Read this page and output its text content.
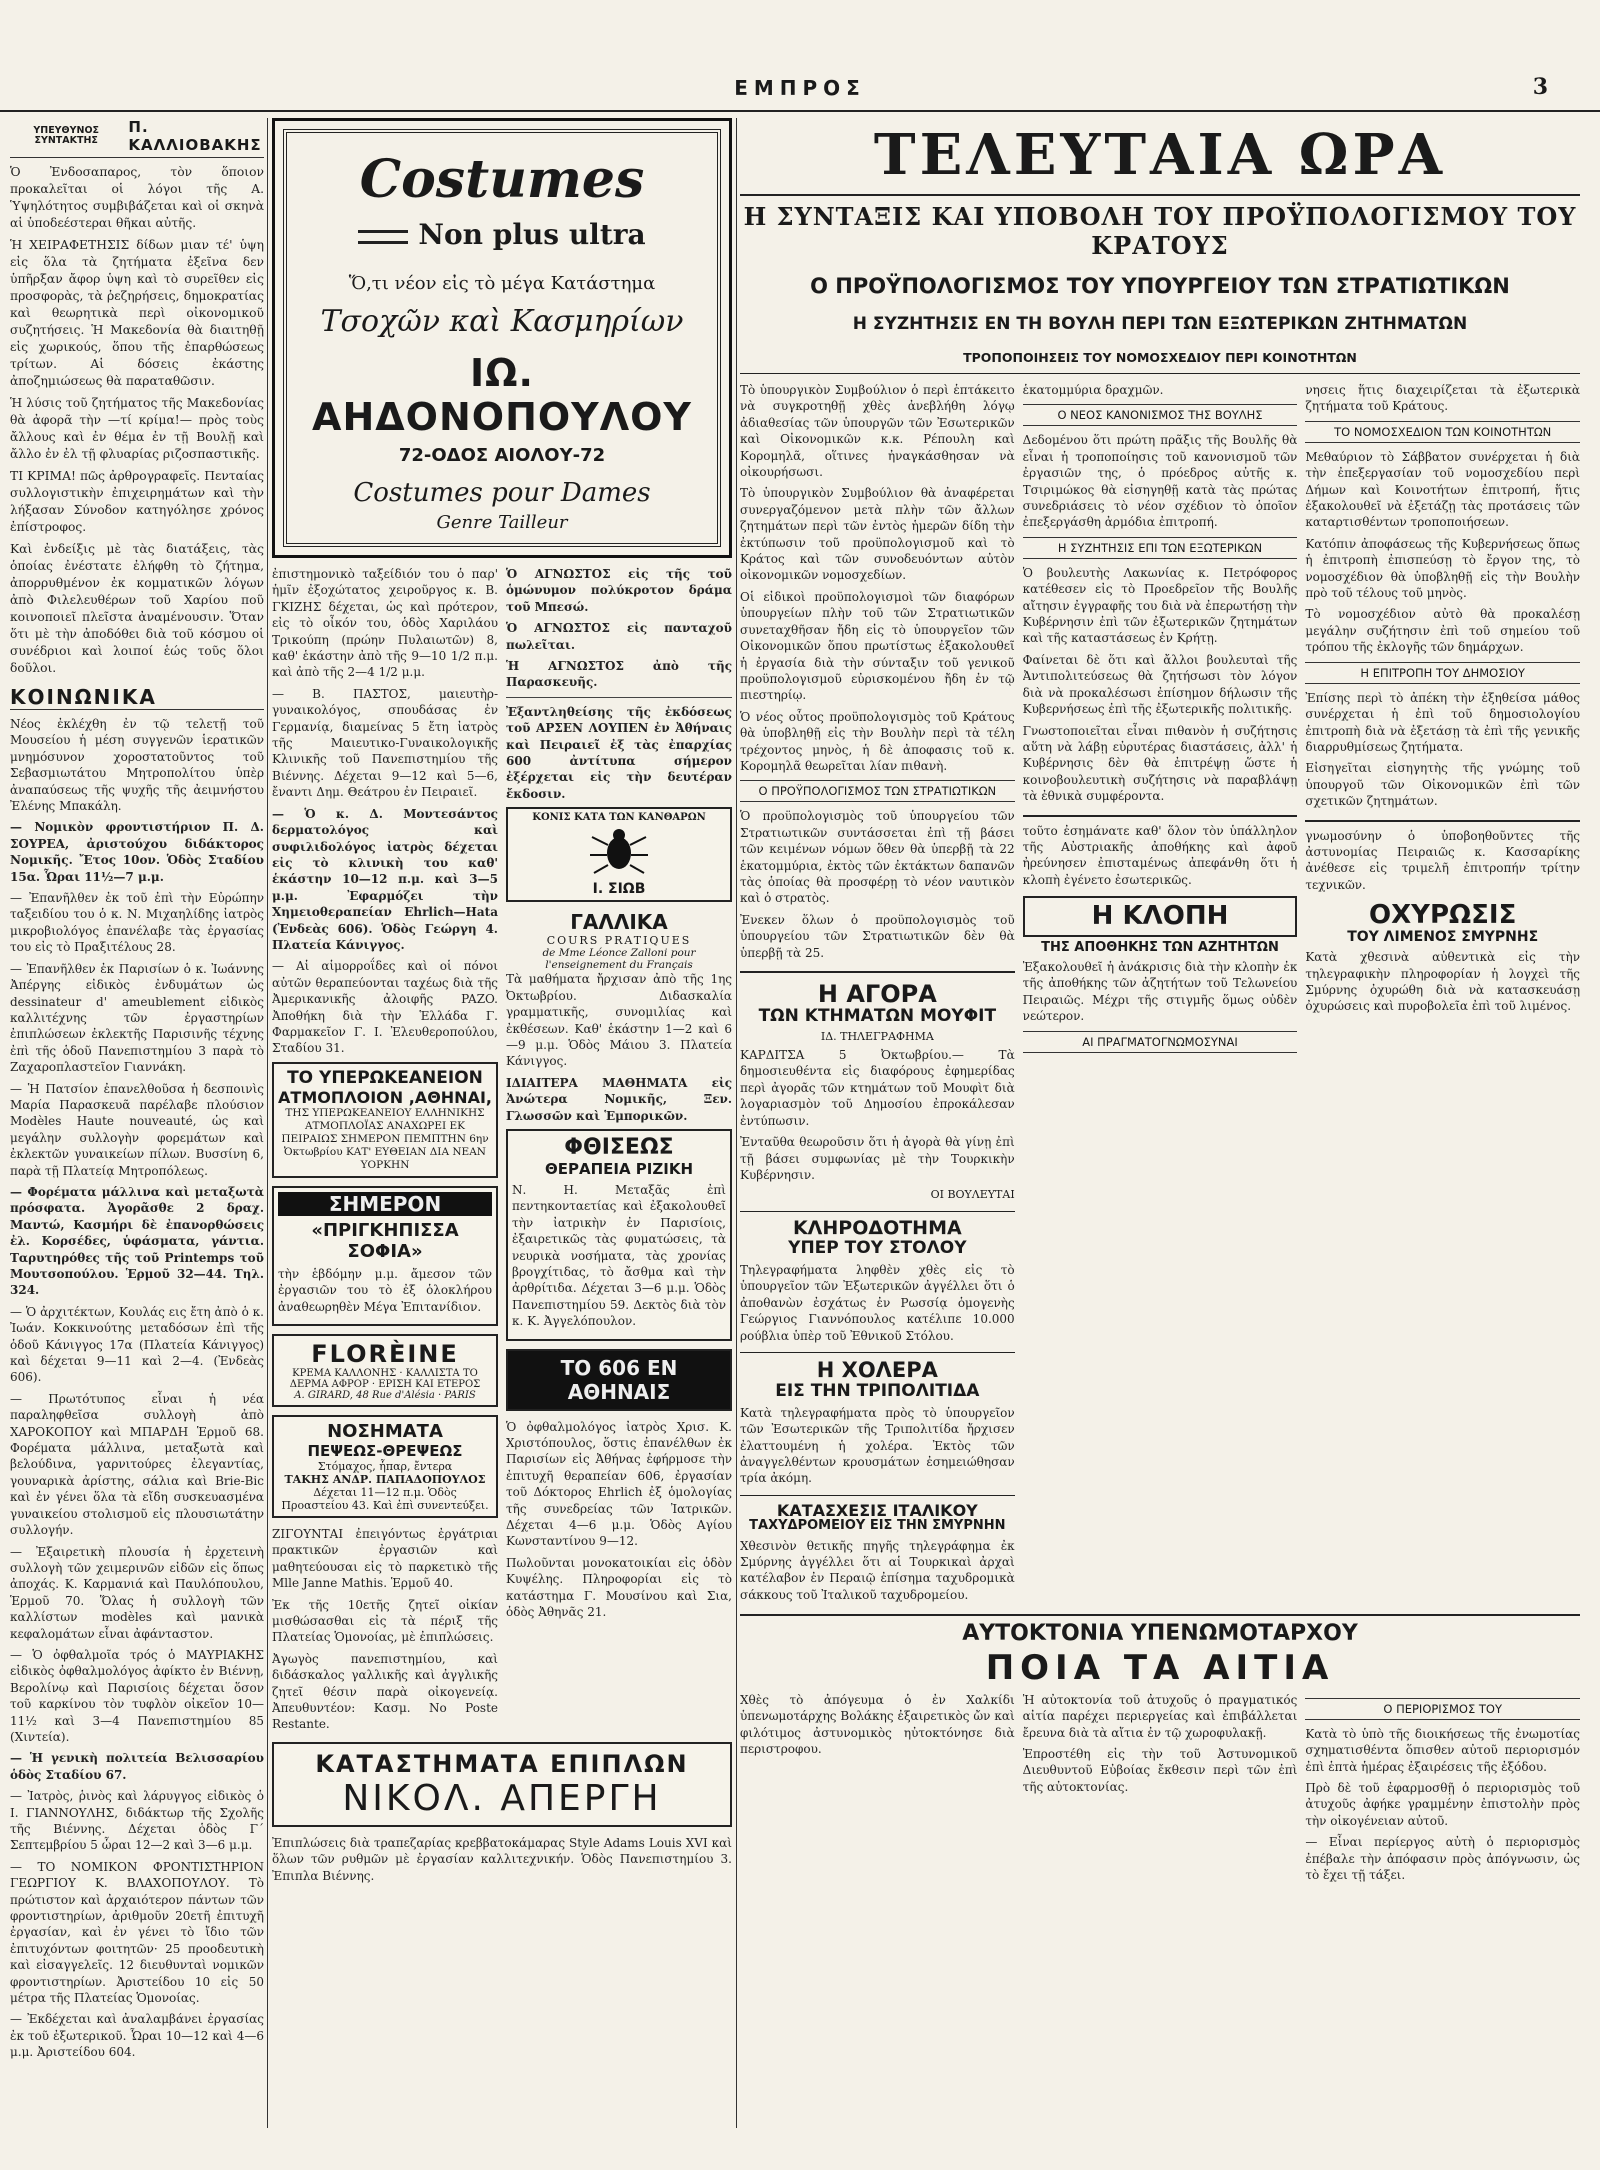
ΕΜΠΡΟΣ	3
ΥΠΕΥΘΥΝΟΣ ΣΥΝΤΑΚΤΗΣ
Π. ΚΑΛΛΙΟΒΑΚΗΣ

Ὁ Ἐνδοσαπαρος, τὸν ὅποιον προκαλεῖται οἱ λόγοι τῆς Α. Ὑψηλότητος συμβιβάζεται καὶ οἱ σκηνὰ αἱ ὑποδεέστεραι θῆκαι αὐτῆς.

Ἡ ΧΕΙΡΑΦΕΤΗΣΙΣ δίδων μιαν τέ' ὑψη εἰς ὅλα τὰ ζητήματα ἐξεῖνα δεν ὑπῆρξαν ἄφορ ὑψη καὶ τὸ συρεῖθεν εἰς προσφορὰς, τὰ ῥεζηρήσεις, δημοκρατίας καὶ θεωρητικὰ περὶ οἰκονομικοῦ συζητήσεις. Ἡ Μακεδονία θὰ διαιτηθῇ εἰς χωρικούς, ὅπου τῆς ἐπαρθώσεως τρίτων. Αἱ δόσεις ἐκάστης ἀποζημιώσεως θὰ παραταθῶσιν.

Ἡ λύσις τοῦ ζητήματος τῆς Μακεδονίας θὰ ἀφορᾶ τὴν —τί κρίμα!— πρὸς τοὺς ἄλλους καὶ ἐν θέμα ἐν τῇ Βουλῇ καὶ ἄλλο ἐν ἐλ τῇ φλυαρίας ριζοσπαστικῆς.

ΤΙ ΚΡΙΜΑ! πῶς ἀρθρογραφεῖς. Πενταίας συλλογιστικὴν ἐπιχειρημάτων καὶ τὴν λήξασαν Σύνοδον κατηγόλησε χρόνος ἐπίστροφος.

Καὶ ἐνδείξις μὲ τὰς διατάξεις, τὰς ὁποίας ἐνέστατε ἐλήφθη τὸ ζήτημα, ἀπορρυθμένον ἐκ κομματικῶν λόγων ἀπὸ Φιλελευθέρων τοῦ Χαρίου ποῦ κοινοποιεῖ πλεῖστα ἀναμένουσιν. Ὅταν ὅτι μὲ τὴν ἀποδόθει διὰ τοῦ κόσμου οἱ συνέδριοι καὶ λοιποί ἑώς τοῦς ὅλοι δοῦλοι.

ΚΟΙΝΩΝΙΚΑ

Νέος ἐκλέχθη ἐν τῷ τελετῇ τοῦ Μουσείου ἡ μέση συγγενῶν ἱερατικῶν μνημόσυνον χοροστατοῦντος τοῦ Σεβασμιωτάτου Μητροπολίτου ὑπὲρ ἀναπαύσεως τῆς ψυχῆς τῆς ἀειμνήστου Ἐλένης Μπακάλη.

— Νομικὸν φροντιστήριον Π. Δ. ΣΟΥΡΕΑ, ἀριστούχου διδάκτορος Νομικῆς. Ἔτος 10ον. Ὁδὸς Σταδίου 15α. Ὧραι 11½—7 μ.μ.

— Ἐπανῆλθεν ἐκ τοῦ ἐπὶ τὴν Εὐρώπην ταξειδίου του ὁ κ. Ν. Μιχαηλίδης ἰατρὸς μικροβιολόγος ἐπανέλαβε τὰς ἐργασίας του εἰς τὸ Πραξιτέλους 28.

— Ἐπανῆλθεν ἐκ Παρισίων ὁ κ. Ἰωάννης Ἀπέργης εἰδικὸς ἐνδυμάτων ὡς dessinateur d' ameublement εἰδικὸς καλλιτέχνης τῶν ἐργαστηρίων ἐπιπλώσεων ἐκλεκτῆς Παρισινῆς τέχνης ἐπὶ τῆς ὁδοῦ Πανεπιστημίου 3 παρὰ τὸ Ζαχαροπλαστεῖον Γιαννάκη.

— Ἡ Πατσίον ἐπανελθοῦσα ἡ δεσποινὶς Μαρία Παρασκευᾶ παρέλαβε πλούσιον Modèles Haute nouveauté, ὡς καὶ μεγάλην συλλογὴν φορεμάτων καὶ ἐκλεκτῶν γυναικείων πίλων. Βυσσίνη 6, παρὰ τῇ Πλατείᾳ Μητροπόλεως.

— Φορέματα μάλλινα καὶ μεταξωτὰ πρόσφατα. Ἀγορᾶσθε 2 δραχ. Μαντώ, Κασμήρι δὲ ἐπανορθώσεις ἐλ. Κορσέδες, ὑφάσματα, γάντια. Ταρυτηρόθες τῆς τοῦ Printemps τοῦ Μουτσοπούλου. Ἑρμοῦ 32—44. Τηλ. 324.

— Ὁ ἀρχιτέκτων, Κουλάς εις ἔτη ἀπὸ ὁ κ. Ἰωάν. Κοκκινούτης μεταδόσων ἐπὶ τῆς ὁδοῦ Κάνιγγος 17α (Πλατεία Κάνιγγος) καὶ δέχεται 9—11 καὶ 2—4. (Ἐνδεὰς 606).

— Πρωτότυπος εἶναι ἡ νέα παραληφθεῖσα συλλογὴ ἀπὸ ΧΑΡΟΚΟΠΟΥ καὶ ΜΠΑΡΔΗ Ἑρμοῦ 68. Φορέματα μάλλινα, μεταξωτὰ καὶ βελούδινα, γαρνιτούρες ἐλεγαντίας, γουναρικὰ ἀρίστης, σάλια καὶ Brie-Bic καὶ ἐν γένει ὅλα τὰ εἴδη συσκευασμένα γυναικείου στολισμοῦ εἰς πλουσιωτάτην συλλογήν.

— Ἐξαιρετικὴ πλουσία ἡ ἐρχετεινὴ συλλογὴ τῶν χειμερινῶν εἰδῶν εἰς ὅπως ἀποχάς. Κ. Καρμανιά καὶ Παυλόπουλου, Ἑρμοῦ 70. Ὅλας ἡ συλλογὴ τῶν καλλίστων modèles καὶ μανικὰ κεφαλομάτων εἶναι ἀφάνταστον.

— Ὁ ὀφθαλμοῖα τρός ὁ ΜΑΥΡΙΑΚΗΣ εἰδικὸς ὀφθαλμολόγος ἀφίκτο ἐν Βιέννῃ, Βερολίνῳ καὶ Παρισίοις δέχεται ὅσον τοῦ καρκίνου τὸν τυφλὸν οἰκεῖον 10—11½ καὶ 3—4 Πανεπιστημίου 85 (Χιντεία).

— Ἡ γενικὴ πολιτεία Βελισσαρίου ὁδὸς Σταδίου 67.

— Ἰατρὸς, ῥινὸς καὶ λάρυγγος εἰδικὸς ὁ Ι. ΓΙΑΝΝΟΥΛΗΣ, διδάκτωρ τῆς Σχολῆς τῆς Βιέννης. Δέχεται ὁδὸς Γ΄ Σεπτεμβρίου 5 ὧραι 12—2 καὶ 3—6 μ.μ.

— ΤΟ ΝΟΜΙΚΟΝ ΦΡΟΝΤΙΣΤΗΡΙΟΝ ΓΕΩΡΓΙΟΥ Κ. ΒΛΑΧΟΠΟΥΛΟΥ. Τὸ πρώτιστον καὶ ἀρχαιότερον πάντων τῶν φροντιστηρίων, ἀριθμοῦν 20ετῆ ἐπιτυχῆ ἐργασίαν, καὶ ἐν γένει τὸ ἴδιο τῶν ἐπιτυχόντων φοιτητῶν· 25 προοδευτικὴ καὶ εἰσαγγελεῖς. 12 διευθυνταὶ νομικῶν φροντιστηρίων. Ἀριστείδου 10 εἰς 50 μέτρα τῆς Πλατείας Ὁμονοίας.

— Ἐκδέχεται καὶ ἀναλαμβάνει ἐργασίας ἐκ τοῦ ἐξωτερικοῦ. Ὧραι 10—12 καὶ 4—6 μ.μ. Ἀριστείδου 604.

Costumes
Non plus ultra
Ὅ,τι νέον εἰς τὸ μέγα Κατάστημα
Τσοχῶν καὶ Κασμηρίων
ΙΩ. ΑΗΔΟΝΟΠΟΥΛΟΥ
72-ΟΔΟΣ ΑΙΟΛΟΥ-72
Costumes pour Dames
Genre Tailleur

ἐπιστημονικὸ ταξείδιόν του ὁ παρ' ἡμῖν ἐξοχώτατος χειροῦργος κ. Β. ΓΚΙΖΗΣ δέχεται, ὡς καὶ πρότερον, εἰς τὸ οἶκόν του, ὁδὸς Χαριλάου Τρικούπη (πρώην Πυλαιωτῶν) 8, καθ' ἑκάστην ἀπὸ τῆς 9—10 1/2 π.μ. καὶ ἀπὸ τῆς 2—4 1/2 μ.μ.

— Β. ΠΑΣΤΟΣ, μαιευτὴρ-γυναικολόγος, σπουδάσας ἐν Γερμανίᾳ, διαμείνας 5 ἔτη ἰατρὸς τῆς Μαιευτικο-Γυναικολογικῆς Κλινικῆς τοῦ Πανεπιστημίου τῆς Βιέννης. Δέχεται 9—12 καὶ 5—6, ἔναντι Δημ. Θεάτρου ἐν Πειραιεῖ.

— Ὁ κ. Δ. Μοντεσάντος δερματολόγος καὶ συφιλιδολόγος ἰατρὸς δέχεται εἰς τὸ κλινικὴ του καθ' ἑκάστην 10—12 π.μ. καὶ 3—5 μ.μ. Ἐφαρμόζει τὴν Χημειοθεραπείαν Ehrlich—Hata (Ἐνδεὰς 606). Ὁδὸς Γεώργη 4. Πλατεία Κάνιγγος.

— Αἱ αἱμορροΐδες καὶ οἱ πόνοι αὐτῶν θεραπεύονται ταχέως διὰ τῆς Ἀμερικανικῆς ἀλοιφῆς PAZO. Ἀποθήκη διὰ τὴν Ἑλλάδα Γ. Φαρμακεῖον Γ. Ι. Ἐλευθεροπούλου, Σταδίου 31.

ΤΟ ΥΠΕΡΩΚΕΑΝΕΙΟΝ
ΑΤΜΟΠΛΟΙΟΝ ,ΑΘΗΝΑΙ,
ΤΗΣ ΥΠΕΡΩΚΕΑΝΕΙΟΥ ΕΛΛΗΝΙΚΗΣ ΑΤΜΟΠΛΟΪΑΣ ΑΝΑΧΩΡΕΙ ΕΚ ΠΕΙΡΑΙΩΣ ΣΗΜΕΡΟΝ ΠΕΜΠΤΗΝ 6ην Ὀκτωβρίου ΚΑΤ' ΕΥΘΕΙΑΝ ΔΙΑ ΝΕΑΝ ΥΟΡΚΗΝ
ΣΗΜΕΡΟΝ
«ΠΡΙΓΚΗΠΙΣΣΑ ΣΟΦΙΑ»

τὴν ἑβδόμην μ.μ. ἄμεσον τῶν ἐργασιῶν του τὸ ἐξ ὁλοκλήρου ἀναθεωρηθὲν Μέγα Ἐπιτανίδιον.

FLORÈINE
ΚΡΕΜΑ ΚΑΛΛΟΝΗΣ · ΚΑΛΛΙΣΤΑ ΤΟ ΔΕΡΜΑ ΑΦΡΟΡ · ΕΡΙΣΗ ΚΑΙ ΕΤΕΡΟΣ
A. GIRARD, 48 Rue d'Alésia · PARIS
ΝΟΣΗΜΑΤΑ
ΠΕΨΕΩΣ-ΘΡΕΨΕΩΣ
Στόμαχος, ἧπαρ, ἔντερα
ΤΑΚΗΣ ΑΝΔΡ. ΠΑΠΑΔΟΠΟΥΛΟΣ
Δέχεται 11—12 π.μ. Ὁδὸς Προαστείου 43. Καὶ ἐπὶ συνεντεύξει.

ΖΙΓΟΥΝΤΑΙ ἐπειγόντως ἐργάτριαι πρακτικῶν ἐργασιῶν καὶ μαθητεύουσαι εἰς τὸ παρκετικὸ τῆς Mlle Janne Mathis. Ἑρμοῦ 40.

Ἐκ τῆς 10ετῆς ζητεῖ οἰκίαν μισθώσασθαι εἰς τὰ πέριξ τῆς Πλατείας Ὁμονοίας, μὲ ἐπιπλώσεις.

Ἀγωγὸς πανεπιστημίου, καὶ διδάσκαλος γαλλικῆς καὶ ἀγγλικῆς ζητεῖ θέσιν παρὰ οἰκογενείᾳ. Ἀπευθυντέον: Κασμ. Νο Poste Restante.

Ὁ ΑΓΝΩΣΤΟΣ εἰς τῆς τοῦ ὁμώνυμον πολύκροτον δράμα τοῦ Μπεσώ.

Ὁ ΑΓΝΩΣΤΟΣ εἰς πανταχοῦ πωλεῖται.

Ἡ ΑΓΝΩΣΤΟΣ ἀπὸ τῆς Παρασκευῆς.

Ἐξαντληθείσης τῆς ἐκδόσεως τοῦ ΑΡΣΕΝ ΛΟΥΠΕΝ ἐν Ἀθήναις καὶ Πειραιεῖ ἐξ τὰς ἐπαρχίας 600 ἀντίτυπα σήμερον ἐξέρχεται εἰς τὴν δευτέραν ἔκδοσιν.

ΚΟΝΙΣ ΚΑΤΑ ΤΩΝ ΚΑΝΘΑΡΩΝ
Ι. ΣΙΩΒ
ΓΑΛΛΙΚΑ
COURS PRATIQUES
de Mme Léonce Zalloni pour l'enseignement du Français

Τὰ μαθήματα ἤρχισαν ἀπὸ τῆς 1ης Ὀκτωβρίου. Διδασκαλία γραμματικῆς, συνομιλίας καὶ ἐκθέσεων. Καθ' ἑκάστην 1—2 καὶ 6—9 μ.μ. Ὁδὸς Μάιου 3. Πλατεία Κάνιγγος.

ΙΔΙΑΙΤΕΡΑ ΜΑΘΗΜΑΤΑ εἰς Ἀνώτερα Νομικῆς, Ξεν. Γλωσσῶν καὶ Ἑμπορικῶν.

ΦΘΙΣΕΩΣ
ΘΕΡΑΠΕΙΑ ΡΙΖΙΚΗ

Ν. Η. Μεταξᾶς ἐπὶ πεντηκονταετίας καὶ ἐξακολουθεῖ τὴν ἰατρικὴν ἐν Παρισίοις, ἐξαιρετικῶς τὰς φυματώσεις, τὰ νευρικὰ νοσήματα, τὰς χρονίας βρογχίτιδας, τὸ ἄσθμα καὶ τὴν ἀρθρίτιδα. Δέχεται 3—6 μ.μ. Ὁδὸς Πανεπιστημίου 59. Δεκτὸς διὰ τὸν κ. Κ. Ἀγγελόπουλον.

ΤΟ 606 ΕΝ ΑΘΗΝΑΙΣ

Ὁ ὀφθαλμολόγος ἰατρὸς Χρισ. Κ. Χριστόπουλος, ὅστις ἐπανέλθων ἐκ Παρισίων εἰς Ἀθήνας ἐφήρμοσε τὴν ἐπιτυχῆ θεραπείαν 606, ἐργασίαν τοῦ Δόκτορος Ehrlich ἐξ ὁμολογίας τῆς συνεδρείας τῶν Ἰατρικῶν. Δέχεται 4—6 μ.μ. Ὁδὸς Αγίου Κωνσταντίνου 9—12.

Πωλοῦνται μονοκατοικίαι εἰς ὁδὸν Κυψέλης. Πληροφορίαι εἰς τὸ κατάστημα Γ. Μουσίνου καὶ Σια, ὁδὸς Ἀθηνᾶς 21.

ΚΑΤΑΣΤΗΜΑΤΑ ΕΠΙΠΛΩΝ
ΝΙΚΟΛ. ΑΠΕΡΓΗ

Ἐπιπλώσεις διὰ τραπεζαρίας κρεββατοκάμαρας Style Adams Louis XVI καὶ ὅλων τῶν ρυθμῶν μὲ ἐργασίαν καλλιτεχνικήν. Ὁδὸς Πανεπιστημίου 3. Ἐπιπλα Βιέννης.

ΤΕΛΕΥΤΑΙΑ ΩΡΑ
Η ΣΥΝΤΑΞΙΣ ΚΑΙ ΥΠΟΒΟΛΗ ΤΟΥ ΠΡΟΫΠΟΛΟΓΙΣΜΟΥ ΤΟΥ ΚΡΑΤΟΥΣ
Ο ΠΡΟΫΠΟΛΟΓΙΣΜΟΣ ΤΟΥ ΥΠΟΥΡΓΕΙΟΥ ΤΩΝ ΣΤΡΑΤΙΩΤΙΚΩΝ
Η ΣΥΖΗΤΗΣΙΣ ΕΝ ΤΗ ΒΟΥΛΗ ΠΕΡΙ ΤΩΝ ΕΞΩΤΕΡΙΚΩΝ ΖΗΤΗΜΑΤΩΝ
ΤΡΟΠΟΠΟΙΗΣΕΙΣ ΤΟΥ ΝΟΜΟΣΧΕΔΙΟΥ ΠΕΡΙ ΚΟΙΝΟΤΗΤΩΝ

Τὸ ὑπουργικὸν Συμβούλιον ὁ περὶ ἑπτάκειτο νὰ συγκροτηθῇ χθὲς ἀνεβλήθη λόγῳ ἀδιαθεσίας τῶν ὑπουργῶν τῶν Ἐσωτερικῶν καὶ Οἰκονομικῶν κ.κ. Ρέπουλη καὶ Κορομηλᾶ, οἵτινες ἠναγκάσθησαν νὰ οἰκουρήσωσι.

Τὸ ὑπουργικὸν Συμβούλιον θὰ ἀναφέρεται συνεργαζόμενον μετὰ πλὴν τῶν ἄλλων ζητημάτων περὶ τῶν ἐντὸς ἡμερῶν δίδη τὴν ἐκτύπωσιν τοῦ προϋπολογισμοῦ καὶ τὸ Κράτος καὶ τῶν συνοδευόντων αὐτὸν οἰκονομικῶν νομοσχεδίων.

Οἱ εἰδικοὶ προϋπολογισμοὶ τῶν διαφόρων ὑπουργείων πλὴν τοῦ τῶν Στρατιωτικῶν συνεταχθῆσαν ἤδη εἰς τὸ ὑπουργεῖον τῶν Οἰκονομικῶν ὅπου πρωτίστως ἐξακολουθεῖ ἡ ἐργασία διὰ τὴν σύνταξιν τοῦ γενικοῦ προϋπολογισμοῦ εὐρισκομένου ἤδη ἐν τῷ πιεστηρίῳ.

Ὁ νέος οὗτος προϋπολογισμὸς τοῦ Κράτους θὰ ὑποβληθῇ εἰς τὴν Βουλὴν περὶ τὰ τέλη τρέχοντος μηνὸς, ἡ δὲ ἀποφασις τοῦ κ. Κορομηλᾶ θεωρεῖται λίαν πιθανὴ.

Ο ΠΡΟΫΠΟΛΟΓΙΣΜΟΣ ΤΩΝ ΣΤΡΑΤΙΩΤΙΚΩΝ

Ὁ προϋπολογισμὸς τοῦ ὑπουργείου τῶν Στρατιωτικῶν συντάσσεται ἐπὶ τῇ βάσει τῶν κειμένων νόμων ὅθεν θὰ ὑπερβῇ τὰ 22 ἑκατομμύρια, ἐκτὸς τῶν ἐκτάκτων δαπανῶν τὰς ὁποίας θὰ προσφέρῃ τὸ νέον ναυτικὸν καὶ ὁ στρατὸς.

Ἐνεκεν ὅλων ὁ προϋπολογισμὸς τοῦ ὑπουργείου τῶν Στρατιωτικῶν δὲν θὰ ὑπερβῇ τὰ 25.

Η ΑΓΟΡΑ
ΤΩΝ ΚΤΗΜΑΤΩΝ ΜΟΥΦΙΤ
ΙΔ. ΤΗΛΕΓΡΑΦΗΜΑ

ΚΑΡΔΙΤΣΑ 5 Ὀκτωβρίου.— Τὰ δημοσιευθέντα εἰς διαφόρους ἐφημερίδας περὶ ἀγορᾶς τῶν κτημάτων τοῦ Μουφὶτ διὰ λογαριασμὸν τοῦ Δημοσίου ἐπροκάλεσαν ἐντύπωσιν.

Ἐνταῦθα θεωροῦσιν ὅτι ἡ ἀγορὰ θὰ γίνῃ ἐπὶ τῇ βάσει συμφωνίας μὲ τὴν Τουρκικὴν Κυβέρνησιν.

ΟΙ ΒΟΥΛΕΥΤΑΙ
ΚΛΗΡΟΔΟΤΗΜΑ
ΥΠΕΡ ΤΟΥ ΣΤΟΛΟΥ

Τηλεγραφήματα ληφθὲν χθὲς εἰς τὸ ὑπουργεῖον τῶν Ἐξωτερικῶν ἀγγέλλει ὅτι ὁ ἀποθανὼν ἐσχάτως ἐν Ρωσσίᾳ ὁμογενὴς Γεώργιος Γιαννόπουλος κατέλιπε 10.000 ρούβλια ὑπὲρ τοῦ Ἐθνικοῦ Στόλου.

Η ΧΟΛΕΡΑ
ΕΙΣ ΤΗΝ ΤΡΙΠΟΛΙΤΙΔΑ

Κατὰ τηλεγραφήματα πρὸς τὸ ὑπουργεῖον τῶν Ἐσωτερικῶν τῆς Τριπολιτίδα ἤρχισεν ἐλαττουμένη ἡ χολέρα. Ἐκτὸς τῶν ἀναγγελθέντων κρουσμάτων ἐσημειώθησαν τρία ἀκόμη.

ΚΑΤΑΣΧΕΣΙΣ ΙΤΑΛΙΚΟΥ
ΤΑΧΥΔΡΟΜΕΙΟΥ ΕΙΣ ΤΗΝ ΣΜΥΡΝΗΝ

Χθεσινὸν θετικῆς πηγῆς τηλεγράφημα ἐκ Σμύρνης ἀγγέλλει ὅτι αἱ Τουρκικαὶ ἀρχαὶ κατέλαβον ἐν Περαιῷ ἐπίσημα ταχυδρομικὰ σάκκους τοῦ Ἰταλικοῦ ταχυδρομείου.

ἑκατομμύρια δραχμῶν.

Ο ΝΕΟΣ ΚΑΝΟΝΙΣΜΟΣ ΤΗΣ ΒΟΥΛΗΣ

Δεδομένου ὅτι πρώτη πρᾶξις τῆς Βουλῆς θὰ εἶναι ἡ τροποποίησις τοῦ κανονισμοῦ τῶν ἐργασιῶν της, ὁ πρόεδρος αὐτῆς κ. Τσιριμώκος θὰ εἰσηγηθῇ κατὰ τὰς πρώτας συνεδριάσεις τὸ νέον σχέδιον τὸ ὁποῖον ἐπεξεργάσθη ἀρμόδια ἐπιτροπή.

Η ΣΥΖΗΤΗΣΙΣ ΕΠΙ ΤΩΝ ΕΞΩΤΕΡΙΚΩΝ

Ὁ βουλευτὴς Λακωνίας κ. Πετρόφορος κατέθεσεν εἰς τὸ Προεδρεῖον τῆς Βουλῆς αἴτησιν ἐγγραφῆς του διὰ νὰ ἐπερωτήσῃ τὴν Κυβέρνησιν ἐπὶ τῶν ἐξωτερικῶν ζητημάτων καὶ τῆς καταστάσεως ἐν Κρήτῃ.

Φαίνεται δὲ ὅτι καὶ ἄλλοι βουλευταὶ τῆς Ἀντιπολιτεύσεως θὰ ζητήσωσι τὸν λόγον διὰ νὰ προκαλέσωσι ἐπίσημον δήλωσιν τῆς Κυβερνήσεως ἐπὶ τῆς ἐξωτερικῆς πολιτικῆς.

Γνωστοποιεῖται εἶναι πιθανὸν ἡ συζήτησις αὕτη νὰ λάβῃ εὐρυτέρας διαστάσεις, ἀλλ' ἡ Κυβέρνησις δὲν θὰ ἐπιτρέψῃ ὥστε ἡ κοινοβουλευτικὴ συζήτησις νὰ παραβλάψῃ τὰ ἐθνικὰ συμφέροντα.

τοῦτο ἐσημάνατε καθ' ὅλον τὸν ὑπάλληλον τῆς Αὐστριακῆς ἀποθήκης καὶ ἀφοῦ ἠρεύνησεν ἐπισταμένως ἀπεφάνθη ὅτι ἡ κλοπὴ ἐγένετο ἐσωτερικῶς.

Η ΚΛΟΠΗ
ΤΗΣ ΑΠΟΘΗΚΗΣ ΤΩΝ ΑΖΗΤΗΤΩΝ

Ἐξακολουθεῖ ἡ ἀνάκρισις διὰ τὴν κλοπὴν ἐκ τῆς ἀποθήκης τῶν ἀζητήτων τοῦ Τελωνείου Πειραιῶς. Μέχρι τῆς στιγμῆς ὅμως οὐδὲν νεώτερον.

ΑΙ ΠΡΑΓΜΑΤΟΓΝΩΜΟΣΥΝΑΙ

νησεις ἥτις διαχειρίζεται τὰ ἐξωτερικὰ ζητήματα τοῦ Κράτους.

ΤΟ ΝΟΜΟΣΧΕΔΙΟΝ ΤΩΝ ΚΟΙΝΟΤΗΤΩΝ

Μεθαύριον τὸ Σάββατον συνέρχεται ἡ διὰ τὴν ἐπεξεργασίαν τοῦ νομοσχεδίου περὶ Δήμων καὶ Κοινοτήτων ἐπιτροπή, ἥτις ἐξακολουθεῖ νὰ ἐξετάζῃ τὰς προτάσεις τῶν καταρτισθέντων τροποποιήσεων.

Κατόπιν ἀποφάσεως τῆς Κυβερνήσεως ὅπως ἡ ἐπιτροπὴ ἐπισπεύσῃ τὸ ἔργον της, τὸ νομοσχέδιον θὰ ὑποβληθῇ εἰς τὴν Βουλὴν πρὸ τοῦ τέλους τοῦ μηνὸς.

Τὸ νομοσχέδιον αὐτὸ θὰ προκαλέσῃ μεγάλην συζήτησιν ἐπὶ τοῦ σημείου τοῦ τρόπου τῆς ἐκλογῆς τῶν δημάρχων.

Η ΕΠΙΤΡΟΠΗ ΤΟΥ ΔΗΜΟΣΙΟΥ

Ἐπίσης περὶ τὸ ἀπέκη τὴν ἐξηθείσα μάθος συνέρχεται ἡ ἐπὶ τοῦ δημοσιολογίου ἐπιτροπὴ διὰ νὰ ἐξετάσῃ τὰ ἐπὶ τῆς γενικῆς διαρρυθμίσεως ζητήματα.

Εἰσηγεῖται εἰσηγητὴς τῆς γνώμης τοῦ ὑπουργοῦ τῶν Οἰκονομικῶν ἐπὶ τῶν σχετικῶν ζητημάτων.

γνωμοσύνην ὁ ὑποβοηθοῦντες τῆς ἀστυνομίας Πειραιῶς κ. Κασσαρίκης ἀνέθεσε εἰς τριμελῆ ἐπιτροπήν τρίτην τεχνικῶν.

ΟΧΥΡΩΣΙΣ
ΤΟΥ ΛΙΜΕΝΟΣ ΣΜΥΡΝΗΣ

Κατὰ χθεσινὰ αὐθεντικὰ εἰς τὴν τηλεγραφικὴν πληροφορίαν ἡ λογχεὶ τῆς Σμύρνης ὀχυρώθη διὰ νὰ κατασκευάσῃ ὀχυρώσεις καὶ πυροβολεῖα ἐπὶ τοῦ λιμένος.

ΑΥΤΟΚΤΟΝΙΑ ΥΠΕΝΩΜΟΤΑΡΧΟΥ
ΠΟΙΑ ΤΑ ΑΙΤΙΑ

Χθὲς τὸ ἀπόγευμα ὁ ἐν Χαλκίδι ὑπενωμοτάρχης Βολάκης ἐξαιρετικὸς ὤν καὶ φιλότιμος ἀστυνομικὸς ηὐτοκτόνησε διὰ περιστροφου.

Ἡ αὐτοκτονία τοῦ ἀτυχοῦς ὁ πραγματικός αἰτία παρέχει περιεργείας καὶ ἐπιβάλλεται ἔρευνα διὰ τὰ αἴτια ἐν τῷ χωροφυλακῇ.

Ἐπροστέθη εἰς τὴν τοῦ Ἀστυνομικοῦ Διευθυντοῦ Εὐβοίας ἔκθεσιν περὶ τῶν ἐπὶ τῆς αὐτοκτονίας.

Ο ΠΕΡΙΟΡΙΣΜΟΣ ΤΟΥ

Κατὰ τὸ ὑπὸ τῆς διοικήσεως τῆς ἐνωμοτίας σχηματισθέντα ὅπισθεν αὐτοῦ περιορισμόν ἐπὶ ἑπτὰ ἡμέρας ἐξαιρέσεις τῆς ἐξόδου.

Πρὸ δὲ τοῦ ἐφαρμοσθῇ ὁ περιορισμὸς τοῦ ἀτυχοῦς ἀφήκε γραμμένην ἐπιστολὴν πρὸς τὴν οἰκογένειαν αὐτοῦ.

— Εἶναι περίεργος αὐτὴ ὁ περιορισμὸς ἐπέβαλε τὴν ἀπόφασιν πρὸς ἀπόγνωσιν, ὡς τὸ ἔχει τῇ τάξει.
